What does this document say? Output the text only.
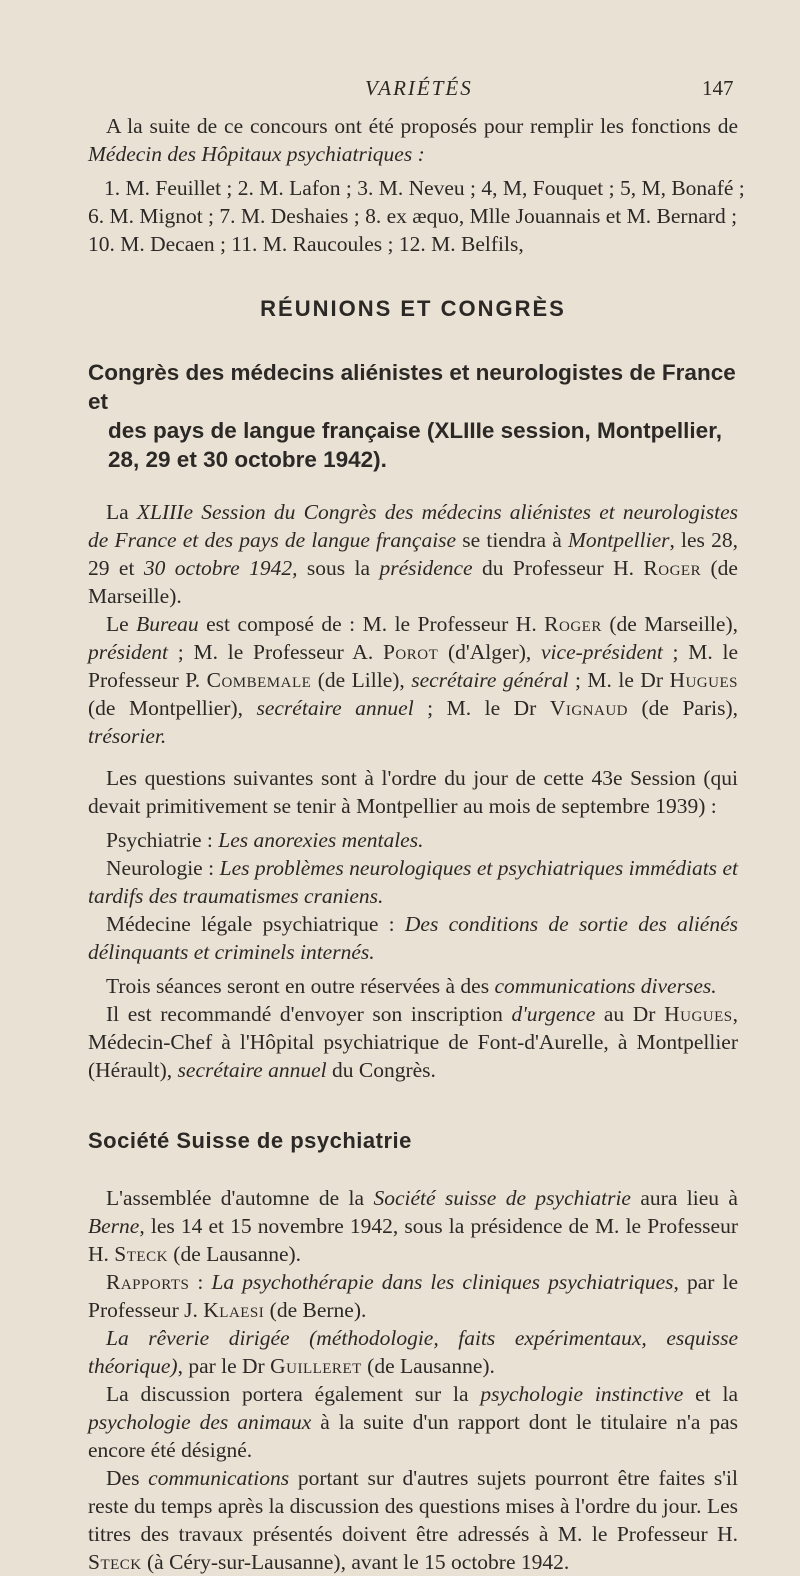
VARIÉTÉS	147

A la suite de ce concours ont été proposés pour remplir les fonctions de Médecin des Hôpitaux psychiatriques :

1. M. Feuillet ; 2. M. Lafon ; 3. M. Neveu ; 4, M, Fouquet ; 5, M, Bonafé ;
6. M. Mignot ; 7. M. Deshaies ; 8. ex æquo, Mlle Jouannais et M. Bernard ;
10. M. Decaen ; 11. M. Raucoules ; 12. M. Belfils,
RÉUNIONS ET CONGRÈS
Congrès des médecins aliénistes et neurologistes de France et
des pays de langue française (XLIIIe session, Montpellier, 28, 29 et 30 octobre 1942).

La XLIIIe Session du Congrès des médecins aliénistes et neurologistes de France et des pays de langue française se tiendra à Montpellier, les 28, 29 et 30 octobre 1942, sous la présidence du Professeur H. Roger (de Marseille).

Le Bureau est composé de : M. le Professeur H. Roger (de Marseille), président ; M. le Professeur A. Porot (d'Alger), vice-président ; M. le Professeur P. Combemale (de Lille), secrétaire général ; M. le Dr Hugues (de Montpellier), secrétaire annuel ; M. le Dr Vignaud (de Paris), trésorier.

Les questions suivantes sont à l'ordre du jour de cette 43e Session (qui devait primitivement se tenir à Montpellier au mois de septembre 1939) :

Psychiatrie : Les anorexies mentales.

Neurologie : Les problèmes neurologiques et psychiatriques immédiats et tardifs des traumatismes craniens.

Médecine légale psychiatrique : Des conditions de sortie des aliénés délinquants et criminels internés.

Trois séances seront en outre réservées à des communications diverses.

Il est recommandé d'envoyer son inscription d'urgence au Dr Hugues, Médecin-Chef à l'Hôpital psychiatrique de Font-d'Aurelle, à Montpellier (Hérault), secrétaire annuel du Congrès.

Société Suisse de psychiatrie

L'assemblée d'automne de la Société suisse de psychiatrie aura lieu à Berne, les 14 et 15 novembre 1942, sous la présidence de M. le Professeur H. Steck (de Lausanne).

Rapports : La psychothérapie dans les cliniques psychiatriques, par le Professeur J. Klaesi (de Berne).

La rêverie dirigée (méthodologie, faits expérimentaux, esquisse théorique), par le Dr Guilleret (de Lausanne).

La discussion portera également sur la psychologie instinctive et la psychologie des animaux à la suite d'un rapport dont le titulaire n'a pas encore été désigné.

Des communications portant sur d'autres sujets pourront être faites s'il reste du temps après la discussion des questions mises à l'ordre du jour. Les titres des travaux présentés doivent être adressés à M. le Professeur H. Steck (à Céry-sur-Lausanne), avant le 15 octobre 1942.
